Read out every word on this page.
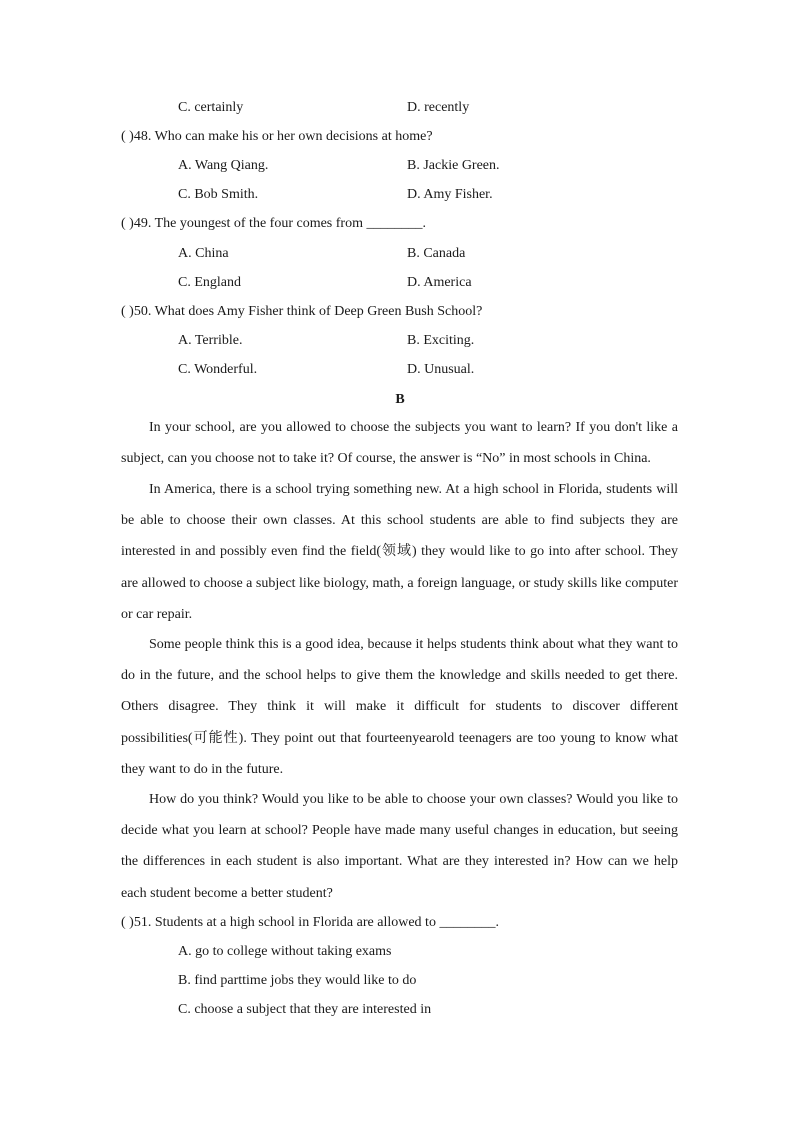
C. certainly	D. recently
( )48. Who can make his or her own decisions at home?
A. Wang Qiang.	B. Jackie Green.
C. Bob Smith.	D. Amy Fisher.
( )49. The youngest of the four comes from ________.
A. China	B. Canada
C. England	D. America
( )50. What does Amy Fisher think of Deep Green Bush School?
A. Terrible.	B. Exciting.
C. Wonderful.	D. Unusual.
B
In your school, are you allowed to choose the subjects you want to learn? If you don't like a subject, can you choose not to take it? Of course, the answer is “No” in most schools in China.
In America, there is a school trying something new. At a high school in Florida, students will be able to choose their own classes. At this school students are able to find subjects they are interested in and possibly even find the field(领域) they would like to go into after school. They are allowed to choose a subject like biology, math, a foreign language, or study skills like computer or car repair.
Some people think this is a good idea, because it helps students think about what they want to do in the future, and the school helps to give them the knowledge and skills needed to get there. Others disagree. They think it will make it difficult for students to discover different possibilities(可能性). They point out that fourteenyearold teenagers are too young to know what they want to do in the future.
How do you think? Would you like to be able to choose your own classes? Would you like to decide what you learn at school? People have made many useful changes in education, but seeing the differences in each student is also important. What are they interested in? How can we help each student become a better student?
( )51. Students at a high school in Florida are allowed to ________.
A. go to college without taking exams
B. find parttime jobs they would like to do
C. choose a subject that they are interested in
